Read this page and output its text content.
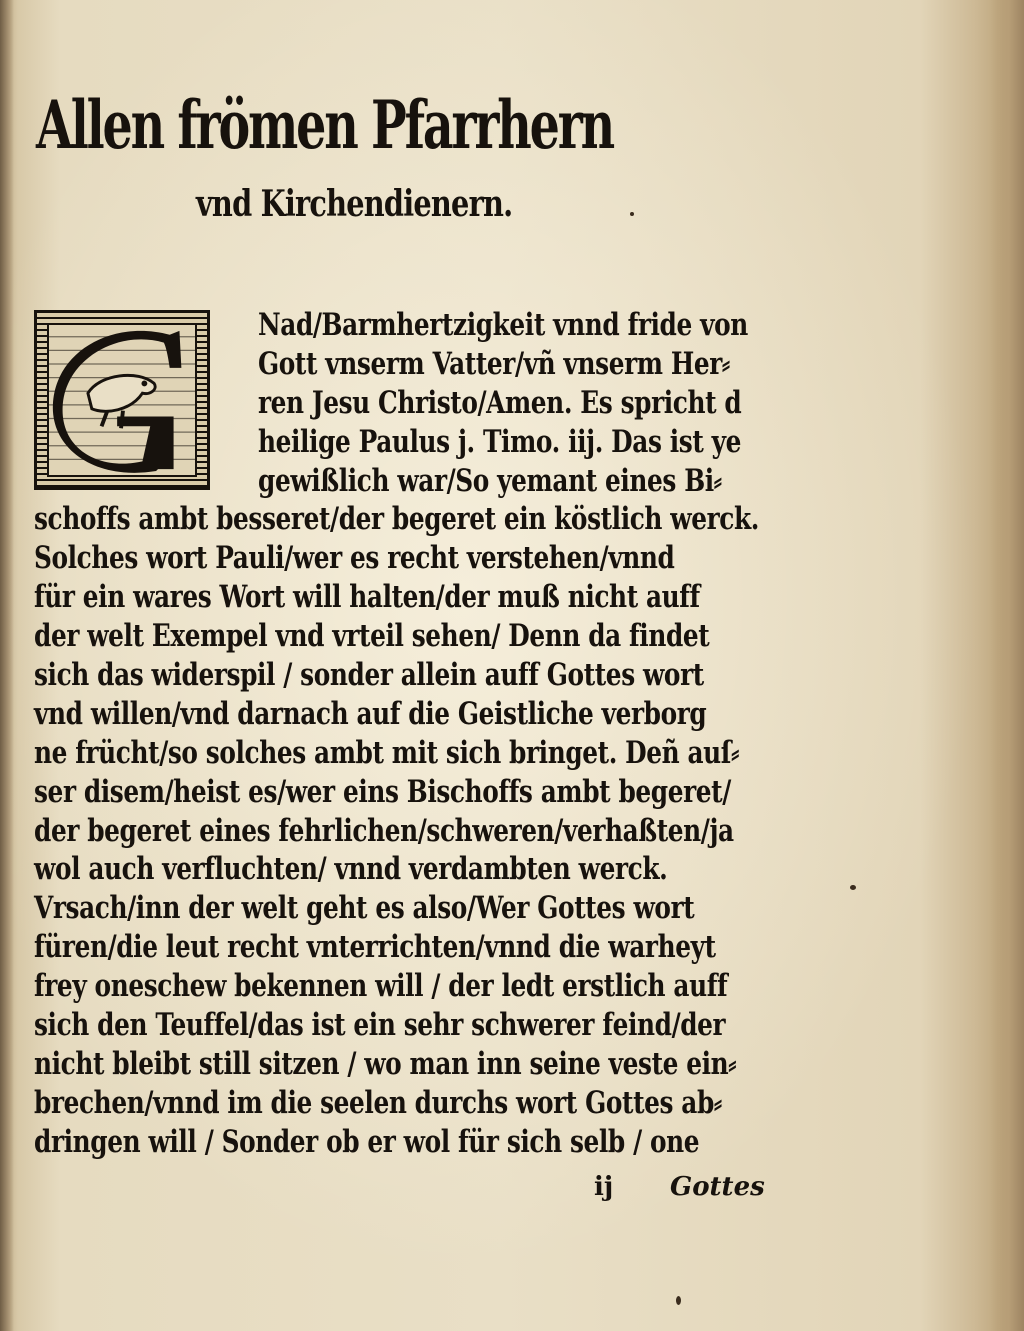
Allen frömen Pfarrhern
vnd Kirchendienern.
Nad/Barmhertzigkeit vnnd fride von
Gott vnserm Vatter/vñ vnserm Her⸗
ren Jesu Christo/Amen. Es spricht d
heilige Paulus j. Timo. iij. Das ist ye
gewißlich war/So yemant eines Bi⸗
schoffs ambt besseret/der begeret ein köstlich werck.
Solches wort Pauli/wer es recht verstehen/vnnd
für ein wares Wort will halten/der muß nicht auff
der welt Exempel vnd vrteil sehen/ Denn da findet
sich das widerspil / sonder allein auff Gottes wort
vnd willen/vnd darnach auf die Geistliche verborg
ne frücht/so solches ambt mit sich bringet. Deñ auſ⸗
ser disem/heist es/wer eins Bischoffs ambt begeret/
der begeret eines fehrlichen/schweren/verhaßten/ja
wol auch verfluchten/ vnnd verdambten werck.
Vrsach/inn der welt geht es also/Wer Gottes wort
füren/die leut recht vnterrichten/vnnd die warheyt
frey oneschew bekennen will / der ledt erstlich auff
sich den Teuffel/das ist ein sehr schwerer feind/der
nicht bleibt still sitzen / wo man inn seine veste ein⸗
brechen/vnnd im die seelen durchs wort Gottes ab⸗
dringen will / Sonder ob er wol für sich selb / one
ij Gottes
